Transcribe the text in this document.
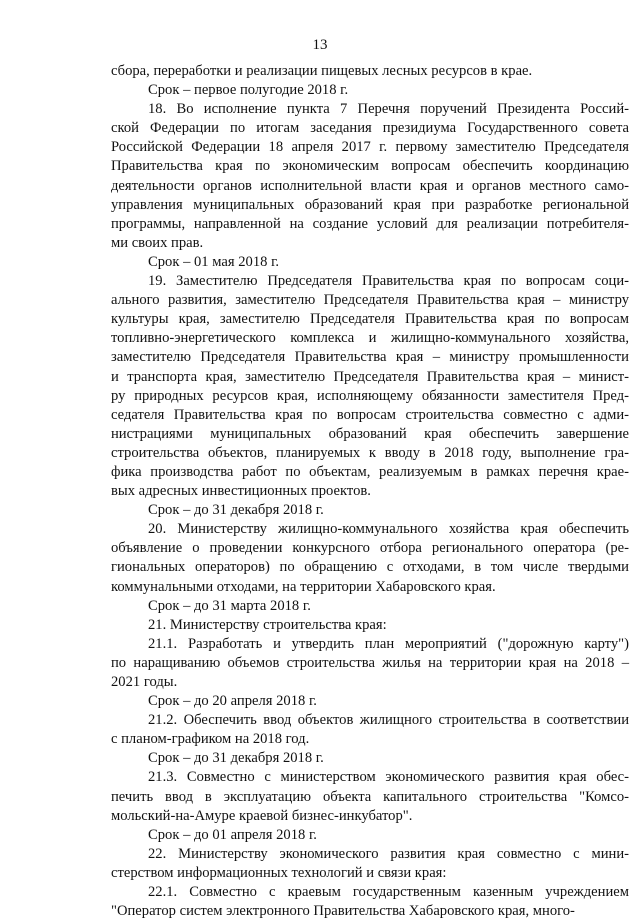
13
сбора, переработки и реализации пищевых лесных ресурсов в крае.
Срок – первое полугодие 2018 г.
18. Во исполнение пункта 7 Перечня поручений Президента Россий-
ской Федерации по итогам заседания президиума Государственного совета
Российской Федерации 18 апреля 2017 г. первому заместителю Председателя
Правительства края по экономическим вопросам обеспечить координацию
деятельности органов исполнительной власти края и органов местного само-
управления муниципальных образований края при разработке региональной
программы, направленной на создание условий для реализации потребителя-
ми своих прав.
Срок – 01 мая 2018 г.
19. Заместителю Председателя Правительства края по вопросам соци-
ального развития, заместителю Председателя Правительства края – министру
культуры края, заместителю Председателя Правительства края по вопросам
топливно-энергетического комплекса и жилищно-коммунального хозяйства,
заместителю Председателя Правительства края – министру промышленности
и транспорта края, заместителю Председателя Правительства края – минист-
ру природных ресурсов края, исполняющему обязанности заместителя Пред-
седателя Правительства края по вопросам строительства совместно с адми-
нистрациями муниципальных образований края обеспечить завершение
строительства объектов, планируемых к вводу в 2018 году, выполнение гра-
фика производства работ по объектам, реализуемым в рамках перечня крае-
вых адресных инвестиционных проектов.
Срок – до 31 декабря 2018 г.
20. Министерству жилищно-коммунального хозяйства края обеспечить
объявление о проведении конкурсного отбора регионального оператора (ре-
гиональных операторов) по обращению с отходами, в том числе твердыми
коммунальными отходами, на территории Хабаровского края.
Срок – до 31 марта 2018 г.
21. Министерству строительства края:
21.1. Разработать и утвердить план мероприятий ("дорожную карту")
по наращиванию объемов строительства жилья на территории края на 2018 –
2021 годы.
Срок – до 20 апреля 2018 г.
21.2. Обеспечить ввод объектов жилищного строительства в соответствии
с планом-графиком на 2018 год.
Срок – до 31 декабря 2018 г.
21.3. Совместно с министерством экономического развития края обес-
печить ввод в эксплуатацию объекта капитального строительства "Комсо-
мольский-на-Амуре краевой бизнес-инкубатор".
Срок – до 01 апреля 2018 г.
22. Министерству экономического развития края совместно с мини-
стерством информационных технологий и связи края:
22.1. Совместно с краевым государственным казенным учреждением
"Оператор систем электронного Правительства Хабаровского края, много-
